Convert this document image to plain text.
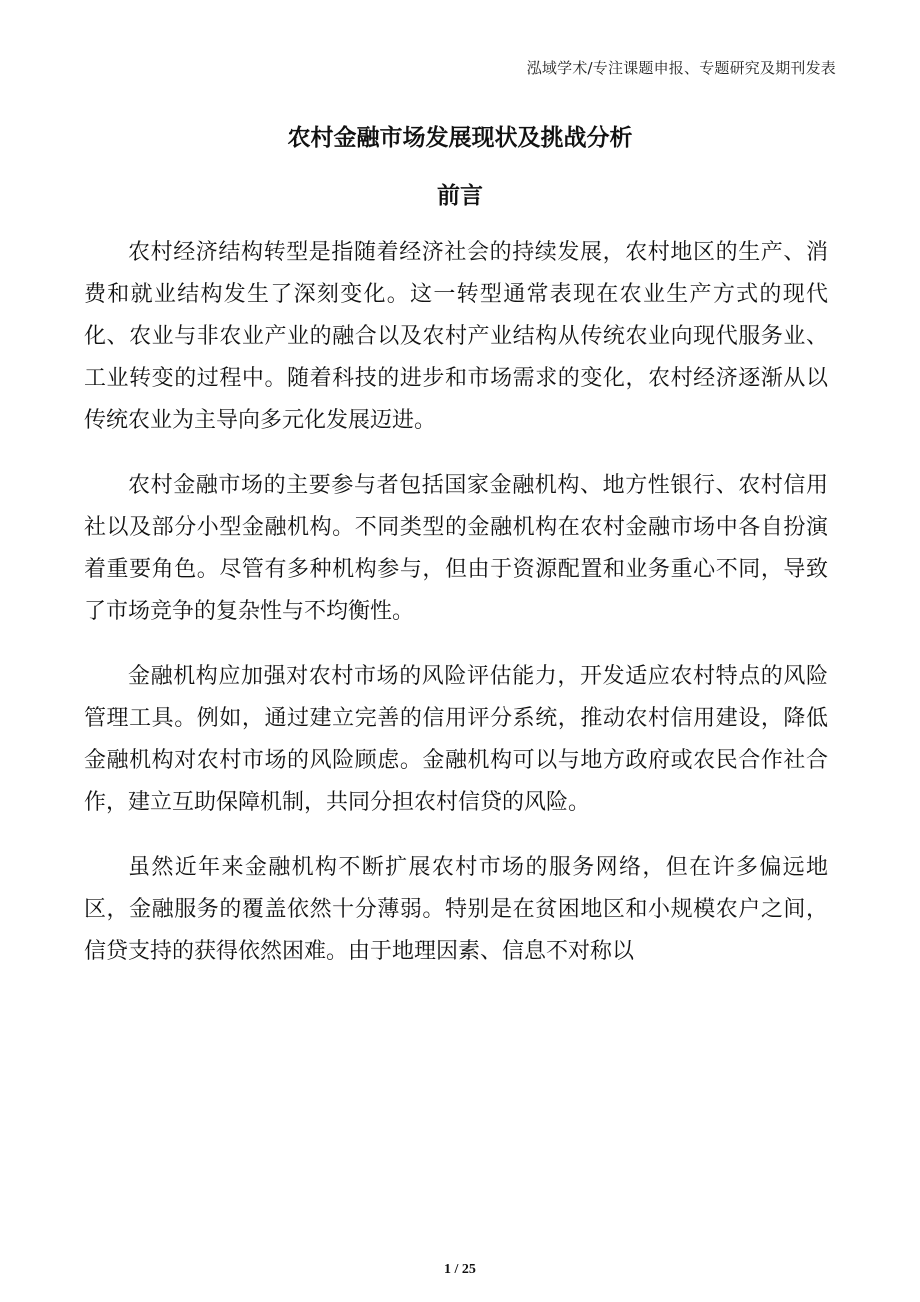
泓域学术/专注课题申报、专题研究及期刊发表
农村金融市场发展现状及挑战分析
前言

农村经济结构转型是指随着经济社会的持续发展，农村地区的生产、消费和就业结构发生了深刻变化。这一转型通常表现在农业生产方式的现代化、农业与非农业产业的融合以及农村产业结构从传统农业向现代服务业、工业转变的过程中。随着科技的进步和市场需求的变化，农村经济逐渐从以传统农业为主导向多元化发展迈进。

农村金融市场的主要参与者包括国家金融机构、地方性银行、农村信用社以及部分小型金融机构。不同类型的金融机构在农村金融市场中各自扮演着重要角色。尽管有多种机构参与，但由于资源配置和业务重心不同，导致了市场竞争的复杂性与不均衡性。

金融机构应加强对农村市场的风险评估能力，开发适应农村特点的风险管理工具。例如，通过建立完善的信用评分系统，推动农村信用建设，降低金融机构对农村市场的风险顾虑。金融机构可以与地方政府或农民合作社合作，建立互助保障机制，共同分担农村信贷的风险。

虽然近年来金融机构不断扩展农村市场的服务网络，但在许多偏远地区，金融服务的覆盖依然十分薄弱。特别是在贫困地区和小规模农户之间，信贷支持的获得依然困难。由于地理因素、信息不对称以

1 / 25
